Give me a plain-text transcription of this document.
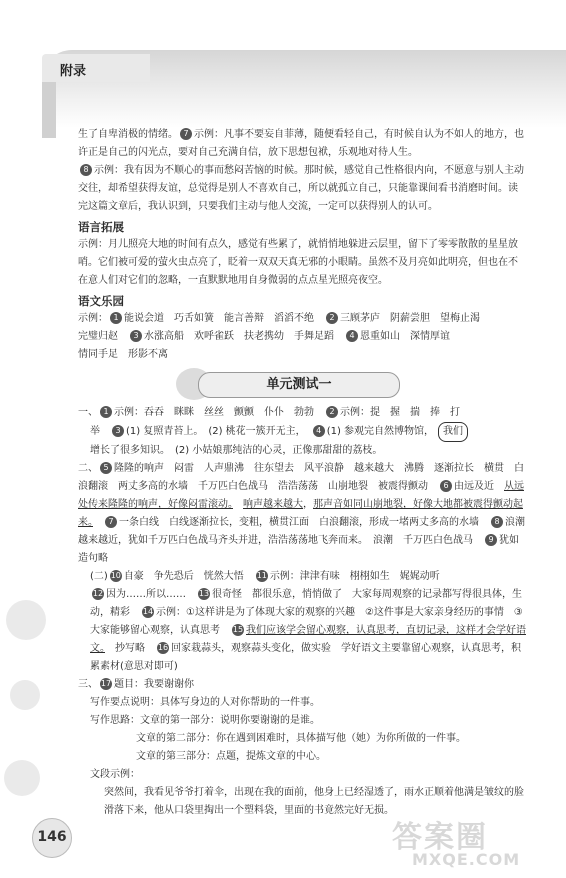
附录

生了自卑消极的情绪。 7 示例：凡事不要妄自菲薄，随便看轻自己，有时候自认为不如人的地方，也许正是自己的闪光点，要对自己充满自信，放下思想包袱，乐观地对待人生。

8 示例：我有因为不顺心的事而愁闷苦恼的时候。那时候，感觉自己性格很内向，不愿意与别人主动交往，却希望获得友谊，总觉得是别人不喜欢自己，所以就孤立自己，只能靠课间看书消磨时间。读完这篇文章后，我认识到，只要我们主动与他人交流，一定可以获得别人的认可。

语言拓展

示例：月儿照亮大地的时间有点久，感觉有些累了，就悄悄地躲进云层里，留下了零零散散的星星放哨。它们被可爱的萤火虫点亮了，眨着一双双天真无邪的小眼睛。虽然不及月亮如此明亮，但也在不在意人们对它们的忽略，一直默默地用自身微弱的点点星光照亮夜空。

语文乐园

示例： 1 能说会道　巧舌如簧　能言善辩　滔滔不绝　 2 三顾茅庐　阴薪尝胆　望梅止渴

完璧归赵　 3 水涨高船　欢呼雀跃　扶老携幼　手舞足蹈　 4 恩重如山　深情厚谊

情同手足　形影不离

单元测试一

一、 1 示例：吞吞　眯眯　丝丝　颤颤　仆仆　勃勃　 2 示例：提　握　揣　捧　打

举　 3 (1) 复照青苔上。　(2) 桃花一簇开无主，　 4 (1) 参观完自然博物馆， 我们

增长了很多知识。　(2) 小姑娘那纯洁的心灵，正像那甜甜的荔枝。

二、 5 隆隆的响声　闷雷　人声鼎沸　往东望去　风平浪静　越来越大　沸腾　逐渐拉长　横贯　白浪翻滚　两丈多高的水墙　千万匹白色战马　浩浩荡荡　山崩地裂　被震得颤动　 6 由远及近　 从远处传来隆隆的响声，好像闷雷滚动。　 响声越来越大，那声音如同山崩地裂，好像大地都被震得颤动起来。　 7 一条白线　白线逐渐拉长，变粗，横贯江面　白浪翻滚，形成一堵两丈多高的水墙　 8 浪潮越来越近，犹如千万匹白色战马齐头并进，浩浩荡荡地飞奔而来。　 浪潮　千万匹白色战马　 9 犹如　造句略

(二) 10 自豪　争先恐后　恍然大悟　 11 示例：津津有味　栩栩如生　娓娓动听

12 因为……所以……　 13 很奇怪　都很乐意，悄悄做了　大家每周观察的记录都写得很具体，生动，精彩　 14 示例：①这样讲是为了体现大家的观察的兴趣　②这件事是大家亲身经历的事情　③大家能够留心观察，认真思考　 15 我们应该学会留心观察，认真思考，直切记录，这样才会学好语文。　 抄写略　 16 回家栽蒜头，观察蒜头变化，做实验　学好语文主要靠留心观察，认真思考，积累素材(意思对即可)

三、 17 题目：我要谢谢你

写作要点说明：具体写身边的人对你帮助的一件事。

写作思路：文章的第一部分：说明你要谢谢的是谁。

文章的第二部分：你在遇到困难时，具体描写他（她）为你所做的一件事。

文章的第三部分：点题，提炼文章的中心。

文段示例：

突然间，我看见爷爷打着伞，出现在我的面前，他身上已经湿透了，雨水正顺着他满是皱纹的脸滑落下来，他从口袋里掏出一个塑料袋，里面的书竟然完好无损。

146	答案圈
MXQE.COM
